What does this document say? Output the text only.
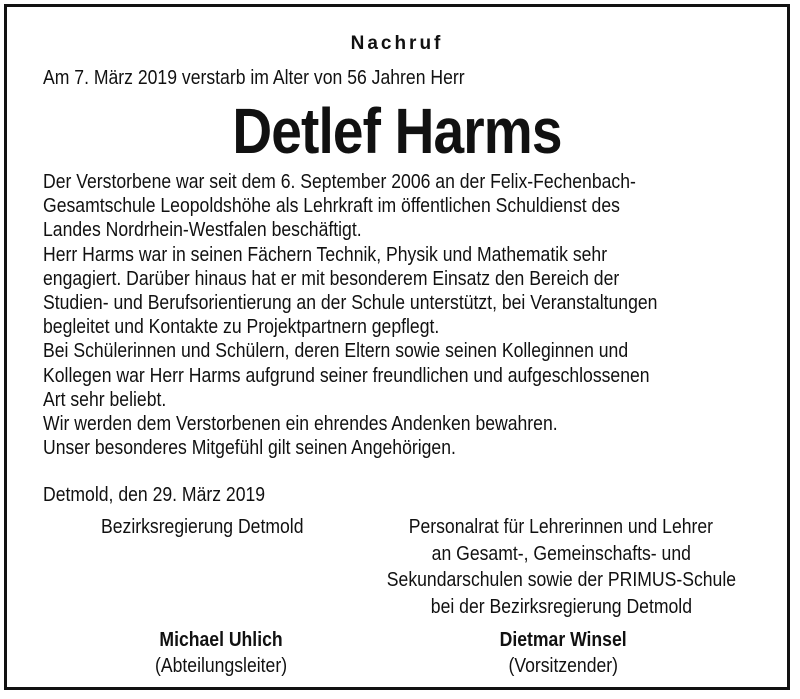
Nachruf
Am 7. März 2019 verstarb im Alter von 56 Jahren Herr
Detlef Harms

Der Verstorbene war seit dem 6. September 2006 an der Felix-Fechenbach-
Gesamtschule Leopoldshöhe als Lehrkraft im öffentlichen Schuldienst des
Landes Nordrhein-Westfalen beschäftigt.

Herr Harms war in seinen Fächern Technik, Physik und Mathematik sehr
engagiert. Darüber hinaus hat er mit besonderem Einsatz den Bereich der
Studien- und Berufsorientierung an der Schule unterstützt, bei Veranstaltungen
begleitet und Kontakte zu Projektpartnern gepflegt.

Bei Schülerinnen und Schülern, deren Eltern sowie seinen Kolleginnen und
Kollegen war Herr Harms aufgrund seiner freundlichen und aufgeschlossenen
Art sehr beliebt.

Wir werden dem Verstorbenen ein ehrendes Andenken bewahren.
Unser besonderes Mitgefühl gilt seinen Angehörigen.

Detmold, den 29. März 2019
Bezirksregierung Detmold	Personalrat für Lehrerinnen und Lehrer
an Gesamt-, Gemeinschafts- und
Sekundarschulen sowie der PRIMUS-Schule
bei der Bezirksregierung Detmold
Michael Uhlich
(Abteilungsleiter)
Dietmar Winsel
(Vorsitzender)
